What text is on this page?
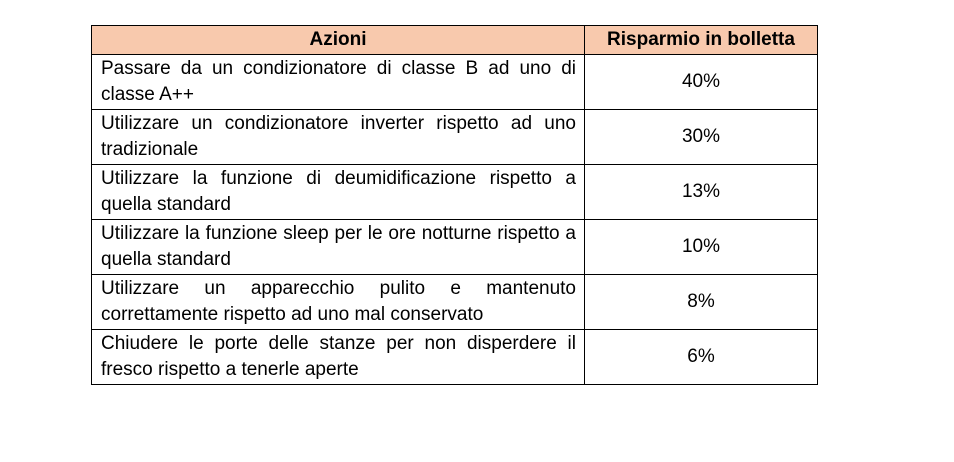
Azioni	Risparmio in bolletta
Passare da un condizionatore di classe B ad uno di classe A++	40%
Utilizzare un condizionatore inverter rispetto ad uno tradizionale	30%
Utilizzare la funzione di deumidificazione rispetto a quella standard	13%
Utilizzare la funzione sleep per le ore notturne rispetto a quella standard	10%
Utilizzare un apparecchio pulito e mantenuto correttamente rispetto ad uno mal conservato	8%
Chiudere le porte delle stanze per non disperdere il fresco rispetto a tenerle aperte	6%
